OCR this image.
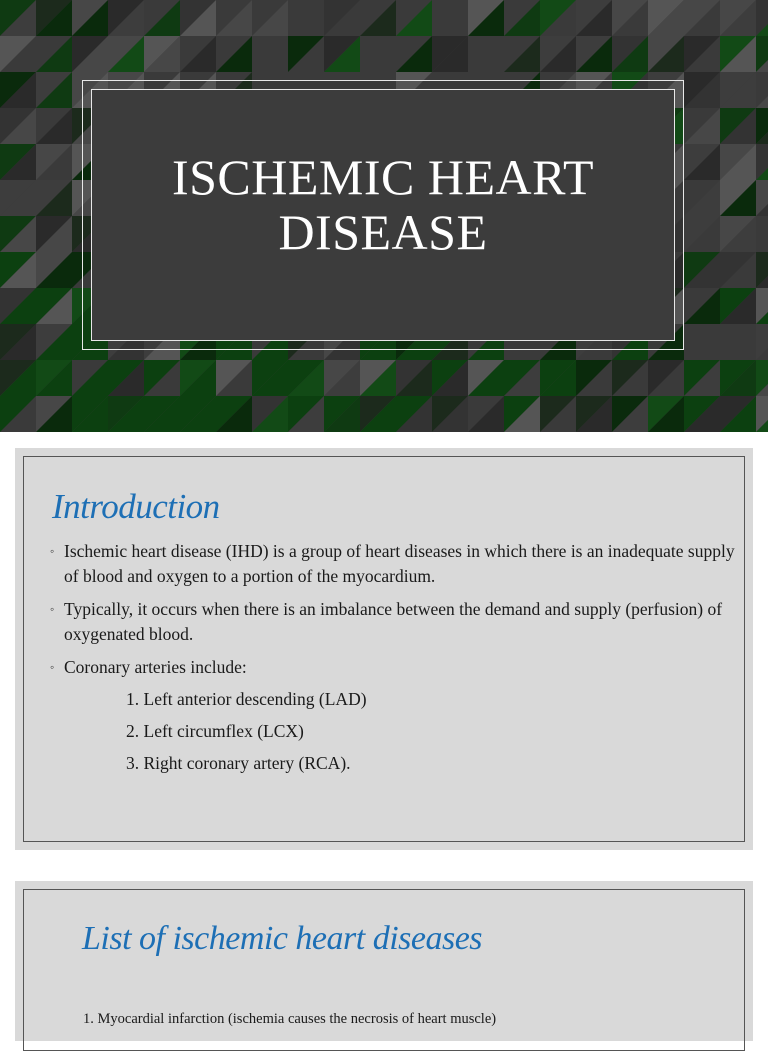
ISCHEMIC HEART
DISEASE
Introduction
◦ Ischemic heart disease (IHD) is a group of heart diseases in which there is an inadequate supply of blood and oxygen to a portion of the myocardium.
◦ Typically, it occurs when there is an imbalance between the demand and supply (perfusion) of oxygenated blood.
◦ Coronary arteries include:
1. Left anterior descending (LAD)
2. Left circumflex (LCX)
3. Right coronary artery (RCA).
List of ischemic heart diseases
1. Myocardial infarction (ischemia causes the necrosis of heart muscle)
